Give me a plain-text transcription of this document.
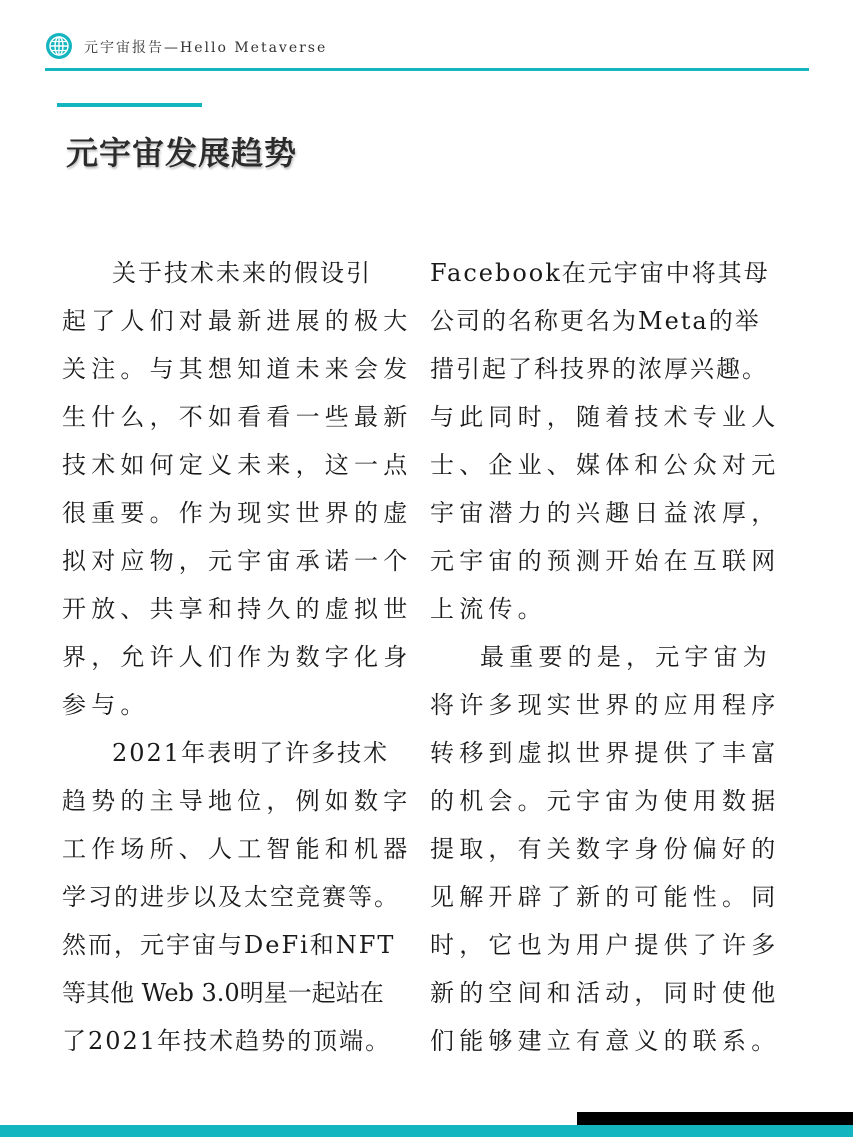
元宇宙报告—Hello Metaverse
元宇宙发展趋势
关于技术未来的假设引
起了人们对最新进展的极大
关注。与其想知道未来会发
生什么，不如看看一些最新
技术如何定义未来，这一点
很重要。作为现实世界的虚
拟对应物，元宇宙承诺一个
开放、共享和持久的虚拟世
界，允许人们作为数字化身
参与。
2021年表明了许多技术
趋势的主导地位，例如数字
工作场所、人工智能和机器
学习的进步以及太空竞赛等。
然而，元宇宙与DeFi和NFT
等其他 Web 3.0明星一起站在
了2021年技术趋势的顶端。
Facebook在元宇宙中将其母
公司的名称更名为Meta的举
措引起了科技界的浓厚兴趣。
与此同时，随着技术专业人
士、企业、媒体和公众对元
宇宙潜力的兴趣日益浓厚，
元宇宙的预测开始在互联网
上流传。
最重要的是，元宇宙为
将许多现实世界的应用程序
转移到虚拟世界提供了丰富
的机会。元宇宙为使用数据
提取，有关数字身份偏好的
见解开辟了新的可能性。同
时，它也为用户提供了许多
新的空间和活动，同时使他
们能够建立有意义的联系。
